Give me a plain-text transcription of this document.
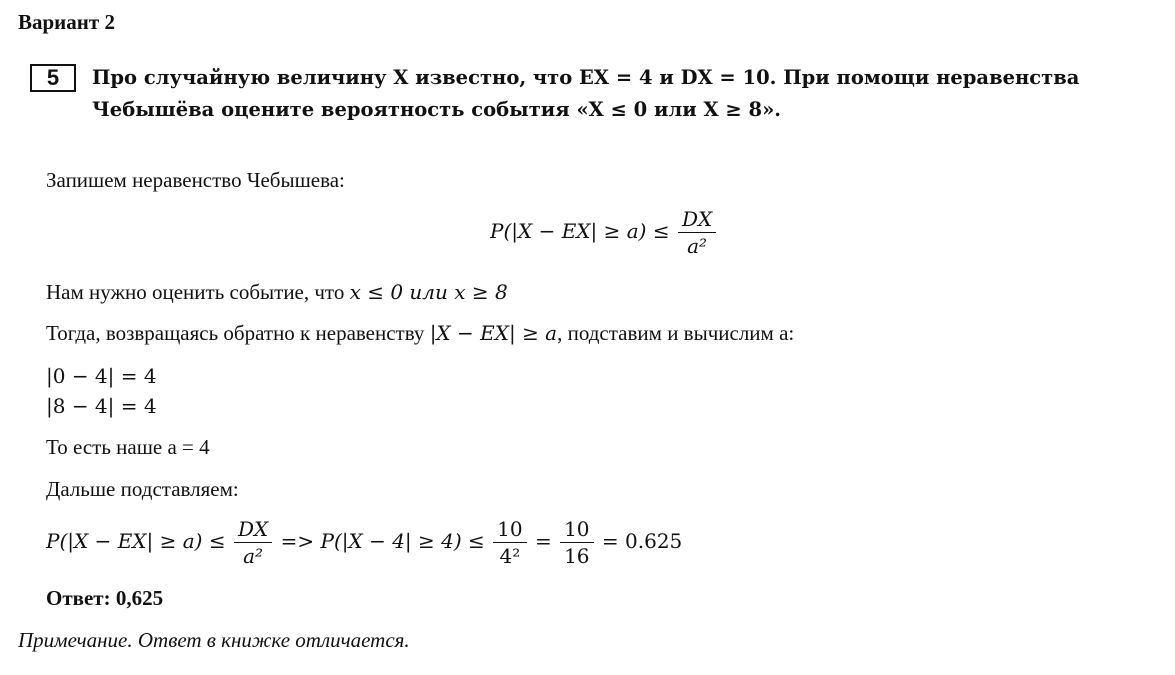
Вариант 2
5	Про случайную величину X известно, что EX = 4 и DX = 10. При помощи неравенства
Чебышёва оцените вероятность события «X ≤ 0 или X ≥ 8».
Запишем неравенство Чебышева:
$P(|X - EX| \ge a) \le \frac{DX}{\text{a²}}$
Нам нужно оценить событие, что x ≤ 0 или x ≥ 8
Тогда, возвращаясь обратно к неравенству |X − EX| ≥ a, подставим и вычислим а:
|0 − 4| = 4
|8 − 4| = 4
То есть наше а = 4
Дальше подставляем:
$P(|X - EX| \ge a) \le \frac{DX}{\text{a²}} => P(|X - 4| \ge 4) \le \frac{10}{\text{4²}} = \frac{10}{16} = 0.625$
Ответ: 0,625
Примечание. Ответ в книжке отличается.
